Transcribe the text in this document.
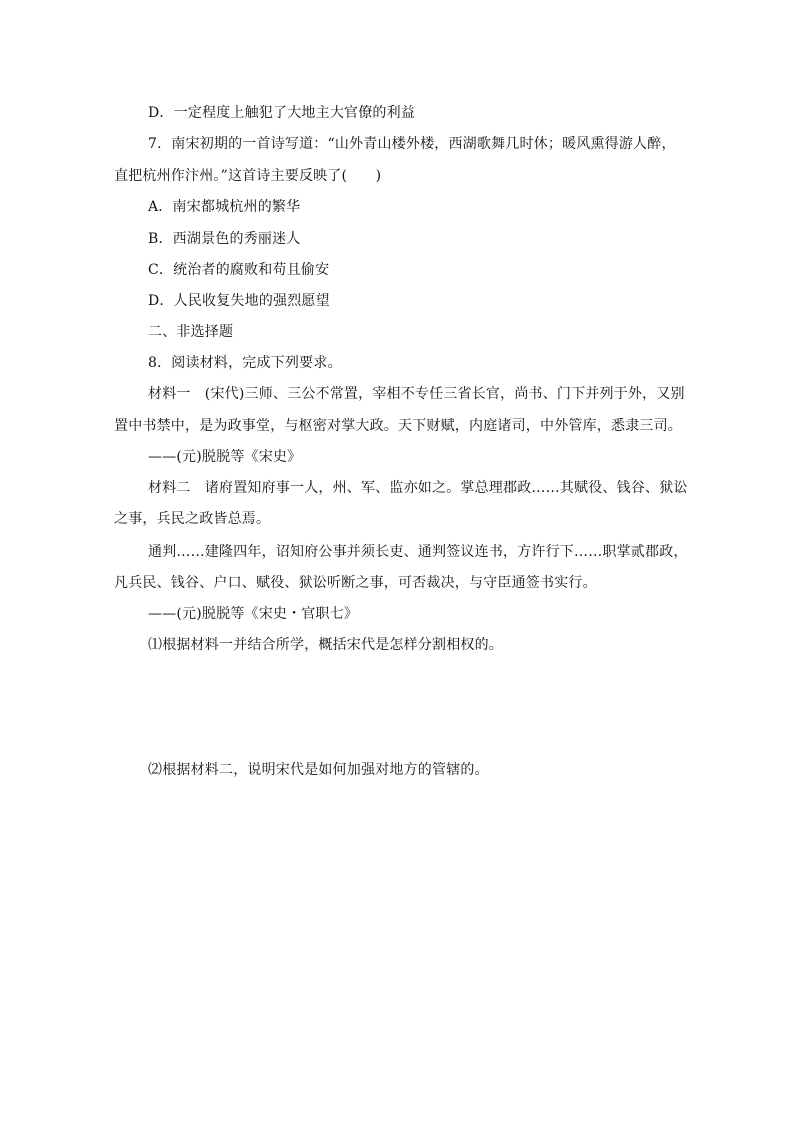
D．一定程度上触犯了大地主大官僚的利益
7．南宋初期的一首诗写道：“山外青山楼外楼，西湖歌舞几时休；暖风熏得游人醉，
直把杭州作汴州。”这首诗主要反映了(　　)
A．南宋都城杭州的繁华
B．西湖景色的秀丽迷人
C．统治者的腐败和苟且偷安
D．人民收复失地的强烈愿望
二、非选择题
8．阅读材料，完成下列要求。
材料一　(宋代)三师、三公不常置，宰相不专任三省长官，尚书、门下并列于外，又别
置中书禁中，是为政事堂，与枢密对掌大政。天下财赋，内庭诸司，中外管库，悉隶三司。
——(元)脱脱等《宋史》
材料二　诸府置知府事一人，州、军、监亦如之。掌总理郡政……其赋役、钱谷、狱讼
之事，兵民之政皆总焉。
通判……建隆四年，诏知府公事并须长吏、通判签议连书，方许行下……职掌贰郡政，
凡兵民、钱谷、户口、赋役、狱讼听断之事，可否裁决，与守臣通签书实行。
——(元)脱脱等《宋史・官职七》
⑴根据材料一并结合所学，概括宋代是怎样分割相权的。
⑵根据材料二，说明宋代是如何加强对地方的管辖的。
